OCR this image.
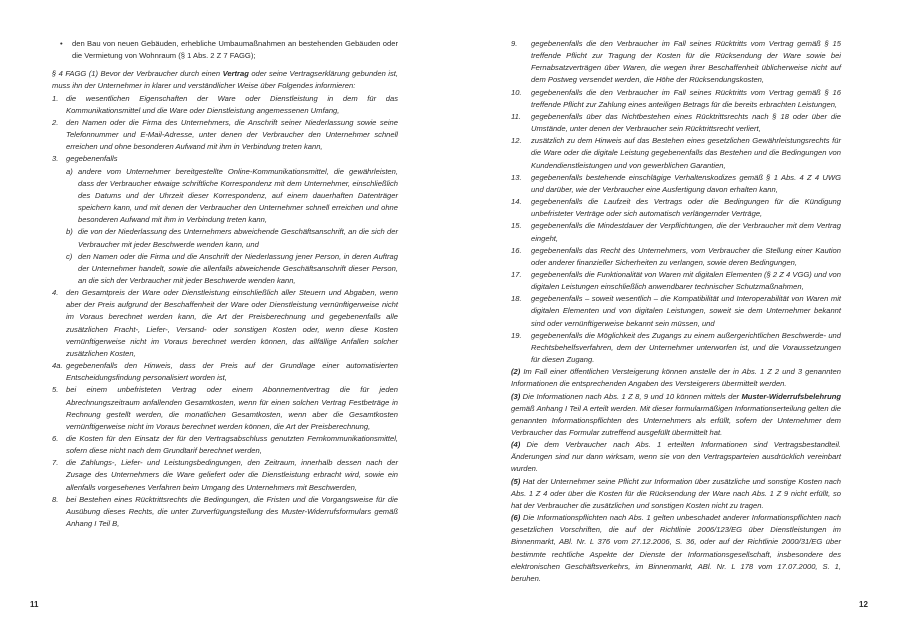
•	den Bau von neuen Gebäuden, erhebliche Umbaumaßnahmen an bestehenden Gebäuden oder die Vermietung von Wohnraum (§ 1 Abs. 2 Z 7 FAGG);
§ 4 FAGG (1) Bevor der Verbraucher durch einen Vertrag oder seine Vertragserklärung gebunden ist, muss ihn der Unternehmer in klarer und verständlicher Weise über Folgendes informieren:
1.	die wesentlichen Eigenschaften der Ware oder Dienstleistung in dem für das Kommunikationsmittel und die Ware oder Dienstleistung angemessenen Umfang,
2.	den Namen oder die Firma des Unternehmers, die Anschrift seiner Niederlassung sowie seine Telefonnummer und E-Mail-Adresse, unter denen der Verbraucher den Unternehmer schnell erreichen und ohne besonderen Aufwand mit ihm in Verbindung treten kann,
3.	gegebenenfalls
a) andere vom Unternehmer bereitgestellte Online-Kommunikationsmittel, die gewährleisten, dass der Verbraucher etwaige schriftliche Korrespondenz mit dem Unternehmer, einschließlich des Datums und der Uhrzeit dieser Korrespondenz, auf einem dauerhaften Datenträger speichern kann, und mit denen der Verbraucher den Unternehmer schnell erreichen und ohne besonderen Aufwand mit ihm in Verbindung treten kann,
b) die von der Niederlassung des Unternehmers abweichende Geschäftsanschrift, an die sich der Verbraucher mit jeder Beschwerde wenden kann, und
c) den Namen oder die Firma und die Anschrift der Niederlassung jener Person, in deren Auftrag der Unternehmer handelt, sowie die allenfalls abweichende Geschäftsanschrift dieser Person, an die sich der Verbraucher mit jeder Beschwerde wenden kann,
4.	den Gesamtpreis der Ware oder Dienstleistung einschließlich aller Steuern und Abgaben, wenn aber der Preis aufgrund der Beschaffenheit der Ware oder Dienstleistung vernünftigerweise nicht im Voraus berechnet werden kann, die Art der Preisberechnung und gegebenenfalls alle zusätzlichen Fracht-, Liefer-, Versand- oder sonstigen Kosten oder, wenn diese Kosten vernünftigerweise nicht im Voraus berechnet werden können, das allfällige Anfallen solcher zusätzlichen Kosten,
4a. gegebenenfalls den Hinweis, dass der Preis auf der Grundlage einer automatisierten Entscheidungsfindung personalisiert worden ist,
5.	bei einem unbefristeten Vertrag oder einem Abonnementvertrag die für jeden Abrechnungszeitraum anfallenden Gesamtkosten, wenn für einen solchen Vertrag Festbeträge in Rechnung gestellt werden, die monatlichen Gesamtkosten, wenn aber die Gesamtkosten vernünftigerweise nicht im Voraus berechnet werden können, die Art der Preisberechnung,
6.	die Kosten für den Einsatz der für den Vertragsabschluss genutzten Fernkommunikationsmittel, sofern diese nicht nach dem Grundtarif berechnet werden,
7.	die Zahlungs-, Liefer- und Leistungsbedingungen, den Zeitraum, innerhalb dessen nach der Zusage des Unternehmers die Ware geliefert oder die Dienstleistung erbracht wird, sowie ein allenfalls vorgesehenes Verfahren beim Umgang des Unternehmers mit Beschwerden,
8.	bei Bestehen eines Rücktrittsrechts die Bedingungen, die Fristen und die Vorgangsweise für die Ausübung dieses Rechts, die unter Zurverfügungstellung des Muster-Widerrufsformulars gemäß Anhang I Teil B,
11
9.	gegebenenfalls die den Verbraucher im Fall seines Rücktritts vom Vertrag gemäß § 15 treffende Pflicht zur Tragung der Kosten für die Rücksendung der Ware sowie bei Fernabsatzverträgen über Waren, die wegen ihrer Beschaffenheit üblicherweise nicht auf dem Postweg versendet werden, die Höhe der Rücksendungskosten,
10.	gegebenenfalls die den Verbraucher im Fall seines Rücktritts vom Vertrag gemäß § 16 treffende Pflicht zur Zahlung eines anteiligen Betrags für die bereits erbrachten Leistungen,
11.	gegebenenfalls über das Nichtbestehen eines Rücktrittsrechts nach § 18 oder über die Umstände, unter denen der Verbraucher sein Rücktrittsrecht verliert,
12.	zusätzlich zu dem Hinweis auf das Bestehen eines gesetzlichen Gewährleistungsrechts für die Ware oder die digitale Leistung gegebenenfalls das Bestehen und die Bedingungen von Kundendienstleistungen und von gewerblichen Garantien,
13.	gegebenenfalls bestehende einschlägige Verhaltenskodizes gemäß § 1 Abs. 4 Z 4 UWG und darüber, wie der Verbraucher eine Ausfertigung davon erhalten kann,
14.	gegebenenfalls die Laufzeit des Vertrags oder die Bedingungen für die Kündigung unbefristeter Verträge oder sich automatisch verlängernder Verträge,
15.	gegebenenfalls die Mindestdauer der Verpflichtungen, die der Verbraucher mit dem Vertrag eingeht,
16.	gegebenenfalls das Recht des Unternehmers, vom Verbraucher die Stellung einer Kaution oder anderer finanzieller Sicherheiten zu verlangen, sowie deren Bedingungen,
17.	gegebenenfalls die Funktionalität von Waren mit digitalen Elementen (§ 2 Z 4 VGG) und von digitalen Leistungen einschließlich anwendbarer technischer Schutzmaßnahmen,
18.	gegebenenfalls – soweit wesentlich – die Kompatibilität und Interoperabilität von Waren mit digitalen Elementen und von digitalen Leistungen, soweit sie dem Unternehmer bekannt sind oder vernünftigerweise bekannt sein müssen, und
19.	gegebenenfalls die Möglichkeit des Zugangs zu einem außergerichtlichen Beschwerde- und Rechtsbehelfsverfahren, dem der Unternehmer unterworfen ist, und die Voraussetzungen für diesen Zugang.
(2) Im Fall einer öffentlichen Versteigerung können anstelle der in Abs. 1 Z 2 und 3 genannten Informationen die entsprechenden Angaben des Versteigerers übermittelt werden.
(3) Die Informationen nach Abs. 1 Z 8, 9 und 10 können mittels der Muster-Widerrufsbelehrung gemäß Anhang I Teil A erteilt werden. Mit dieser formularmäßigen Informationserteilung gelten die genannten Informationspflichten des Unternehmers als erfüllt, sofern der Unternehmer dem Verbraucher das Formular zutreffend ausgefüllt übermittelt hat.
(4) Die dem Verbraucher nach Abs. 1 erteilten Informationen sind Vertragsbestandteil. Änderungen sind nur dann wirksam, wenn sie von den Vertragsparteien ausdrücklich vereinbart wurden.
(5) Hat der Unternehmer seine Pflicht zur Information über zusätzliche und sonstige Kosten nach Abs. 1 Z 4 oder über die Kosten für die Rücksendung der Ware nach Abs. 1 Z 9 nicht erfüllt, so hat der Verbraucher die zusätzlichen und sonstigen Kosten nicht zu tragen.
(6) Die Informationspflichten nach Abs. 1 gelten unbeschadet anderer Informationspflichten nach gesetzlichen Vorschriften, die auf der Richtlinie 2006/123/EG über Dienstleistungen im Binnenmarkt, ABl. Nr. L 376 vom 27.12.2006, S. 36, oder auf der Richtlinie 2000/31/EG über bestimmte rechtliche Aspekte der Dienste der Informationsgesellschaft, insbesondere des elektronischen Geschäftsverkehrs, im Binnenmarkt, ABl. Nr. L 178 vom 17.07.2000, S. 1, beruhen.
12
